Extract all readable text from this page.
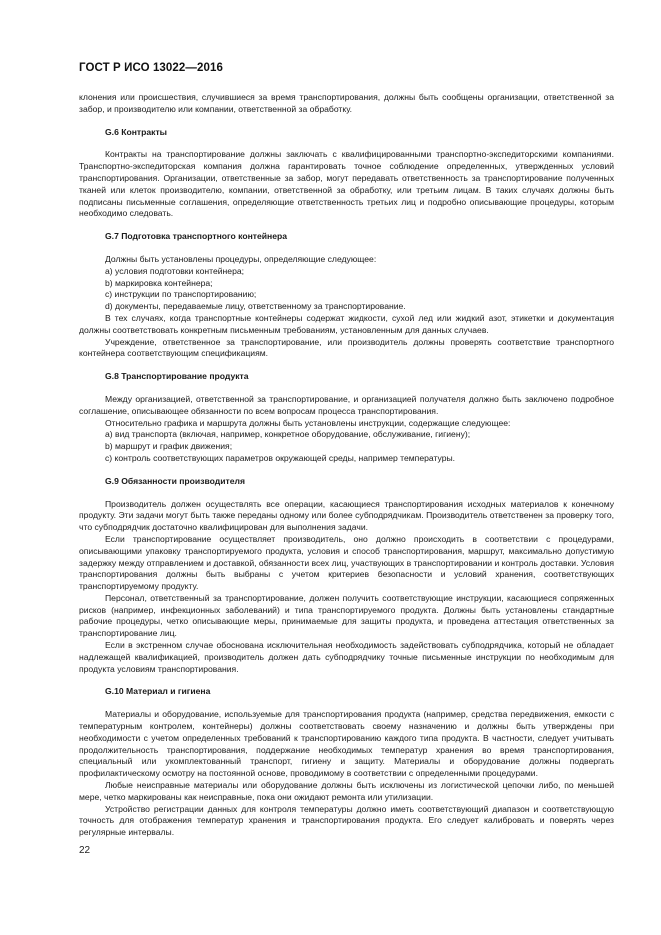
ГОСТ Р ИСО 13022—2016

клонения или происшествия, случившиеся за время транспортирования, должны быть сообщены организации, ответственной за забор, и производителю или компании, ответственной за обработку.

G.6 Контракты

Контракты на транспортирование должны заключать с квалифицированными транспортно-экспедиторскими компаниями. Транспортно-экспедиторская компания должна гарантировать точное соблюдение определенных, утвержденных условий транспортирования. Организации, ответственные за забор, могут передавать ответственность за транспортирование полученных тканей или клеток производителю, компании, ответственной за обработку, или третьим лицам. В таких случаях должны быть подписаны письменные соглашения, определяющие ответственность третьих лиц и подробно описывающие процедуры, которым необходимо следовать.

G.7 Подготовка транспортного контейнера

Должны быть установлены процедуры, определяющие следующее:

a) условия подготовки контейнера;

b) маркировка контейнера;

c) инструкции по транспортированию;

d) документы, передаваемые лицу, ответственному за транспортирование.

В тех случаях, когда транспортные контейнеры содержат жидкости, сухой лед или жидкий азот, этикетки и документация должны соответствовать конкретным письменным требованиям, установленным для данных случаев.

Учреждение, ответственное за транспортирование, или производитель должны проверять соответствие транспортного контейнера соответствующим спецификациям.

G.8 Транспортирование продукта

Между организацией, ответственной за транспортирование, и организацией получателя должно быть заключено подробное соглашение, описывающее обязанности по всем вопросам процесса транспортирования.

Относительно графика и маршрута должны быть установлены инструкции, содержащие следующее:

a) вид транспорта (включая, например, конкретное оборудование, обслуживание, гигиену);

b) маршрут и график движения;

c) контроль соответствующих параметров окружающей среды, например температуры.

G.9 Обязанности производителя

Производитель должен осуществлять все операции, касающиеся транспортирования исходных материалов к конечному продукту. Эти задачи могут быть также переданы одному или более субподрядчикам. Производитель ответственен за проверку того, что субподрядчик достаточно квалифицирован для выполнения задачи.

Если транспортирование осуществляет производитель, оно должно происходить в соответствии с процедурами, описывающими упаковку транспортируемого продукта, условия и способ транспортирования, маршрут, максимально допустимую задержку между отправлением и доставкой, обязанности всех лиц, участвующих в транспортировании и контроль доставки. Условия транспортирования должны быть выбраны с учетом критериев безопасности и условий хранения, соответствующих транспортируемому продукту.

Персонал, ответственный за транспортирование, должен получить соответствующие инструкции, касающиеся сопряженных рисков (например, инфекционных заболеваний) и типа транспортируемого продукта. Должны быть установлены стандартные рабочие процедуры, четко описывающие меры, принимаемые для защиты продукта, и проведена аттестация ответственных за транспортирование лиц.

Если в экстренном случае обоснована исключительная необходимость задействовать субподрядчика, который не обладает надлежащей квалификацией, производитель должен дать субподрядчику точные письменные инструкции по необходимым для продукта условиям транспортирования.

G.10 Материал и гигиена

Материалы и оборудование, используемые для транспортирования продукта (например, средства передвижения, емкости с температурным контролем, контейнеры) должны соответствовать своему назначению и должны быть утверждены при необходимости с учетом определенных требований к транспортированию каждого типа продукта. В частности, следует учитывать продолжительность транспортирования, поддержание необходимых температур хранения во время транспортирования, специальный или укомплектованный транспорт, гигиену и защиту. Материалы и оборудование должны подвергать профилактическому осмотру на постоянной основе, проводимому в соответствии с определенными процедурами.

Любые неисправные материалы или оборудование должны быть исключены из логистической цепочки либо, по меньшей мере, четко маркированы как неисправные, пока они ожидают ремонта или утилизации.

Устройство регистрации данных для контроля температуры должно иметь соответствующий диапазон и соответствующую точность для отображения температур хранения и транспортирования продукта. Его следует калибровать и поверять через регулярные интервалы.

22
